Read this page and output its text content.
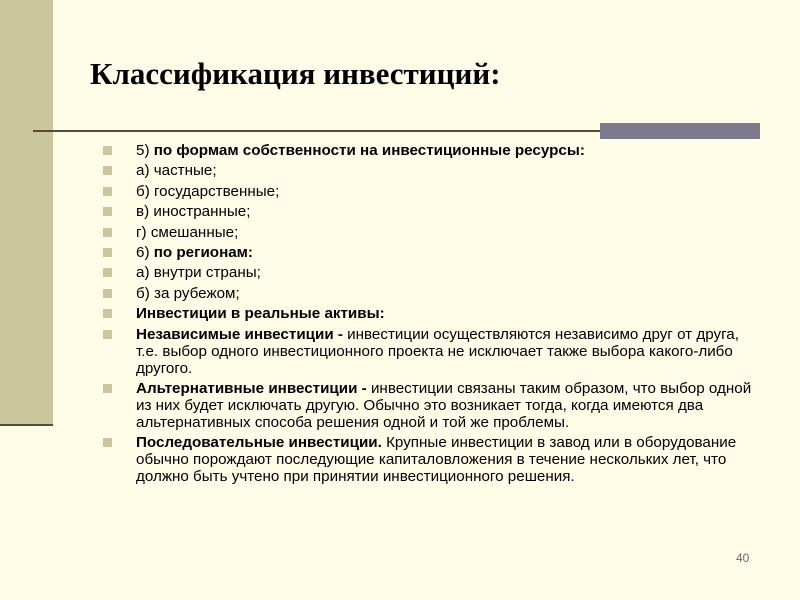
Классификация инвестиций:
5) по формам собственности на инвестиционные ресурсы:
а) частные;
б) государственные;
в) иностранные;
г) смешанные;
6) по регионам:
а) внутри страны;
б) за рубежом;
Инвестиции в реальные активы:
Независимые инвестиции - инвестиции осуществляются независимо друг от друга, т.е. выбор одного инвестиционного проекта не исключает также выбора какого-либо другого.
Альтернативные инвестиции - инвестиции связаны таким образом, что выбор одной из них будет исключать другую. Обычно это возникает тогда, когда имеются два альтернативных способа решения одной и той же проблемы.
Последовательные инвестиции. Крупные инвестиции в завод или в оборудование обычно порождают последующие капиталовложения в течение нескольких лет, что должно быть учтено при принятии инвестиционного решения.
40
